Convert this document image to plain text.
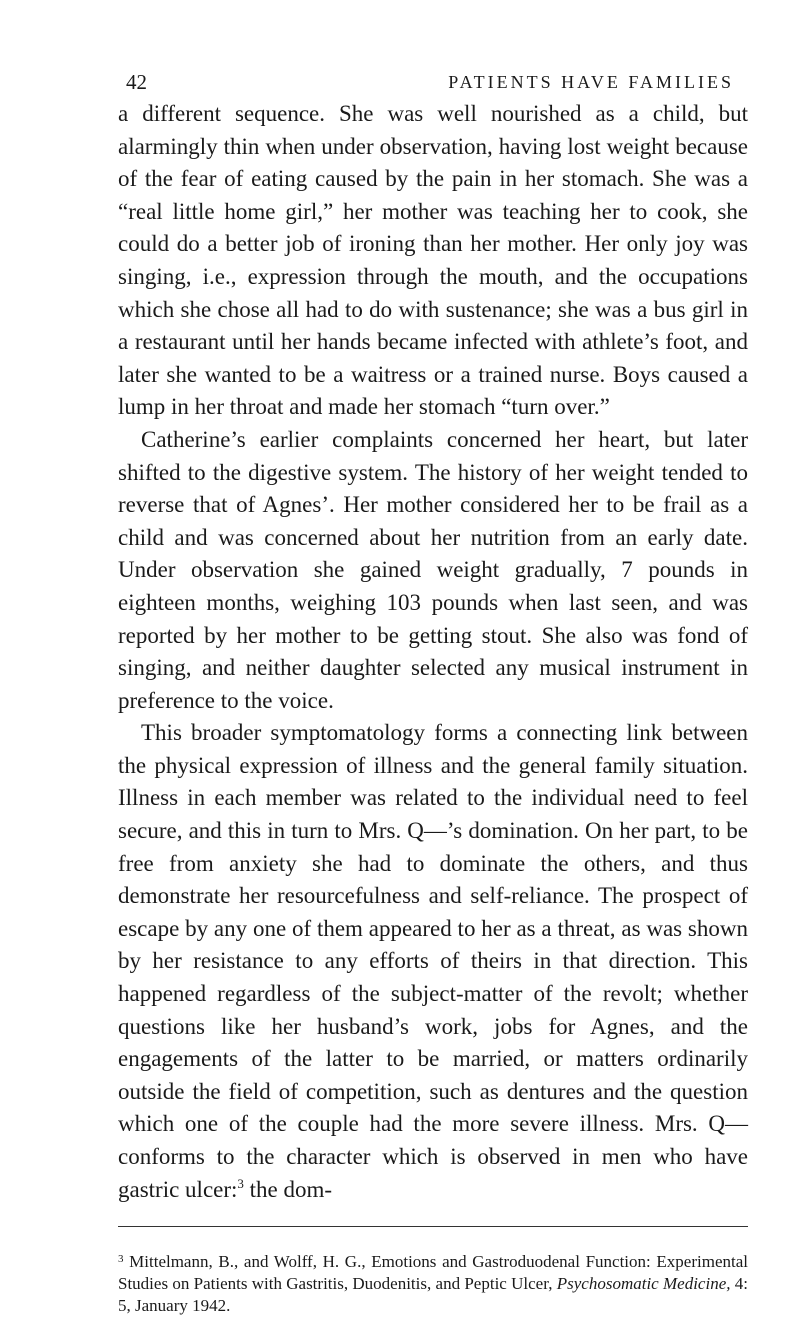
42	PATIENTS HAVE FAMILIES

a different sequence. She was well nourished as a child, but alarmingly thin when under observation, having lost weight because of the fear of eating caused by the pain in her stomach. She was a “real little home girl,” her mother was teaching her to cook, she could do a better job of ironing than her mother. Her only joy was singing, i.e., expression through the mouth, and the occupations which she chose all had to do with sustenance; she was a bus girl in a restaurant until her hands became infected with athlete’s foot, and later she wanted to be a waitress or a trained nurse. Boys caused a lump in her throat and made her stomach “turn over.”

Catherine’s earlier complaints concerned her heart, but later shifted to the digestive system. The history of her weight tended to reverse that of Agnes’. Her mother considered her to be frail as a child and was concerned about her nutrition from an early date. Under observation she gained weight gradually, 7 pounds in eighteen months, weighing 103 pounds when last seen, and was reported by her mother to be getting stout. She also was fond of singing, and neither daughter selected any musical instrument in preference to the voice.

This broader symptomatology forms a connecting link between the physical expression of illness and the general family situation. Illness in each member was related to the individual need to feel secure, and this in turn to Mrs. Q—’s domination. On her part, to be free from anxiety she had to dominate the others, and thus demonstrate her resourcefulness and self-reliance. The prospect of escape by any one of them appeared to her as a threat, as was shown by her resistance to any efforts of theirs in that direction. This happened regardless of the subject-matter of the revolt; whether questions like her husband’s work, jobs for Agnes, and the engagements of the latter to be married, or matters ordinarily outside the field of competition, such as dentures and the question which one of the couple had the more severe illness. Mrs. Q— conforms to the character which is observed in men who have gastric ulcer:$^3$ the dom-

$^3$ Mittelmann, B., and Wolff, H. G., Emotions and Gastroduodenal Function: Experimental Studies on Patients with Gastritis, Duodenitis, and Peptic Ulcer, Psychosomatic Medicine, 4: 5, January 1942.
